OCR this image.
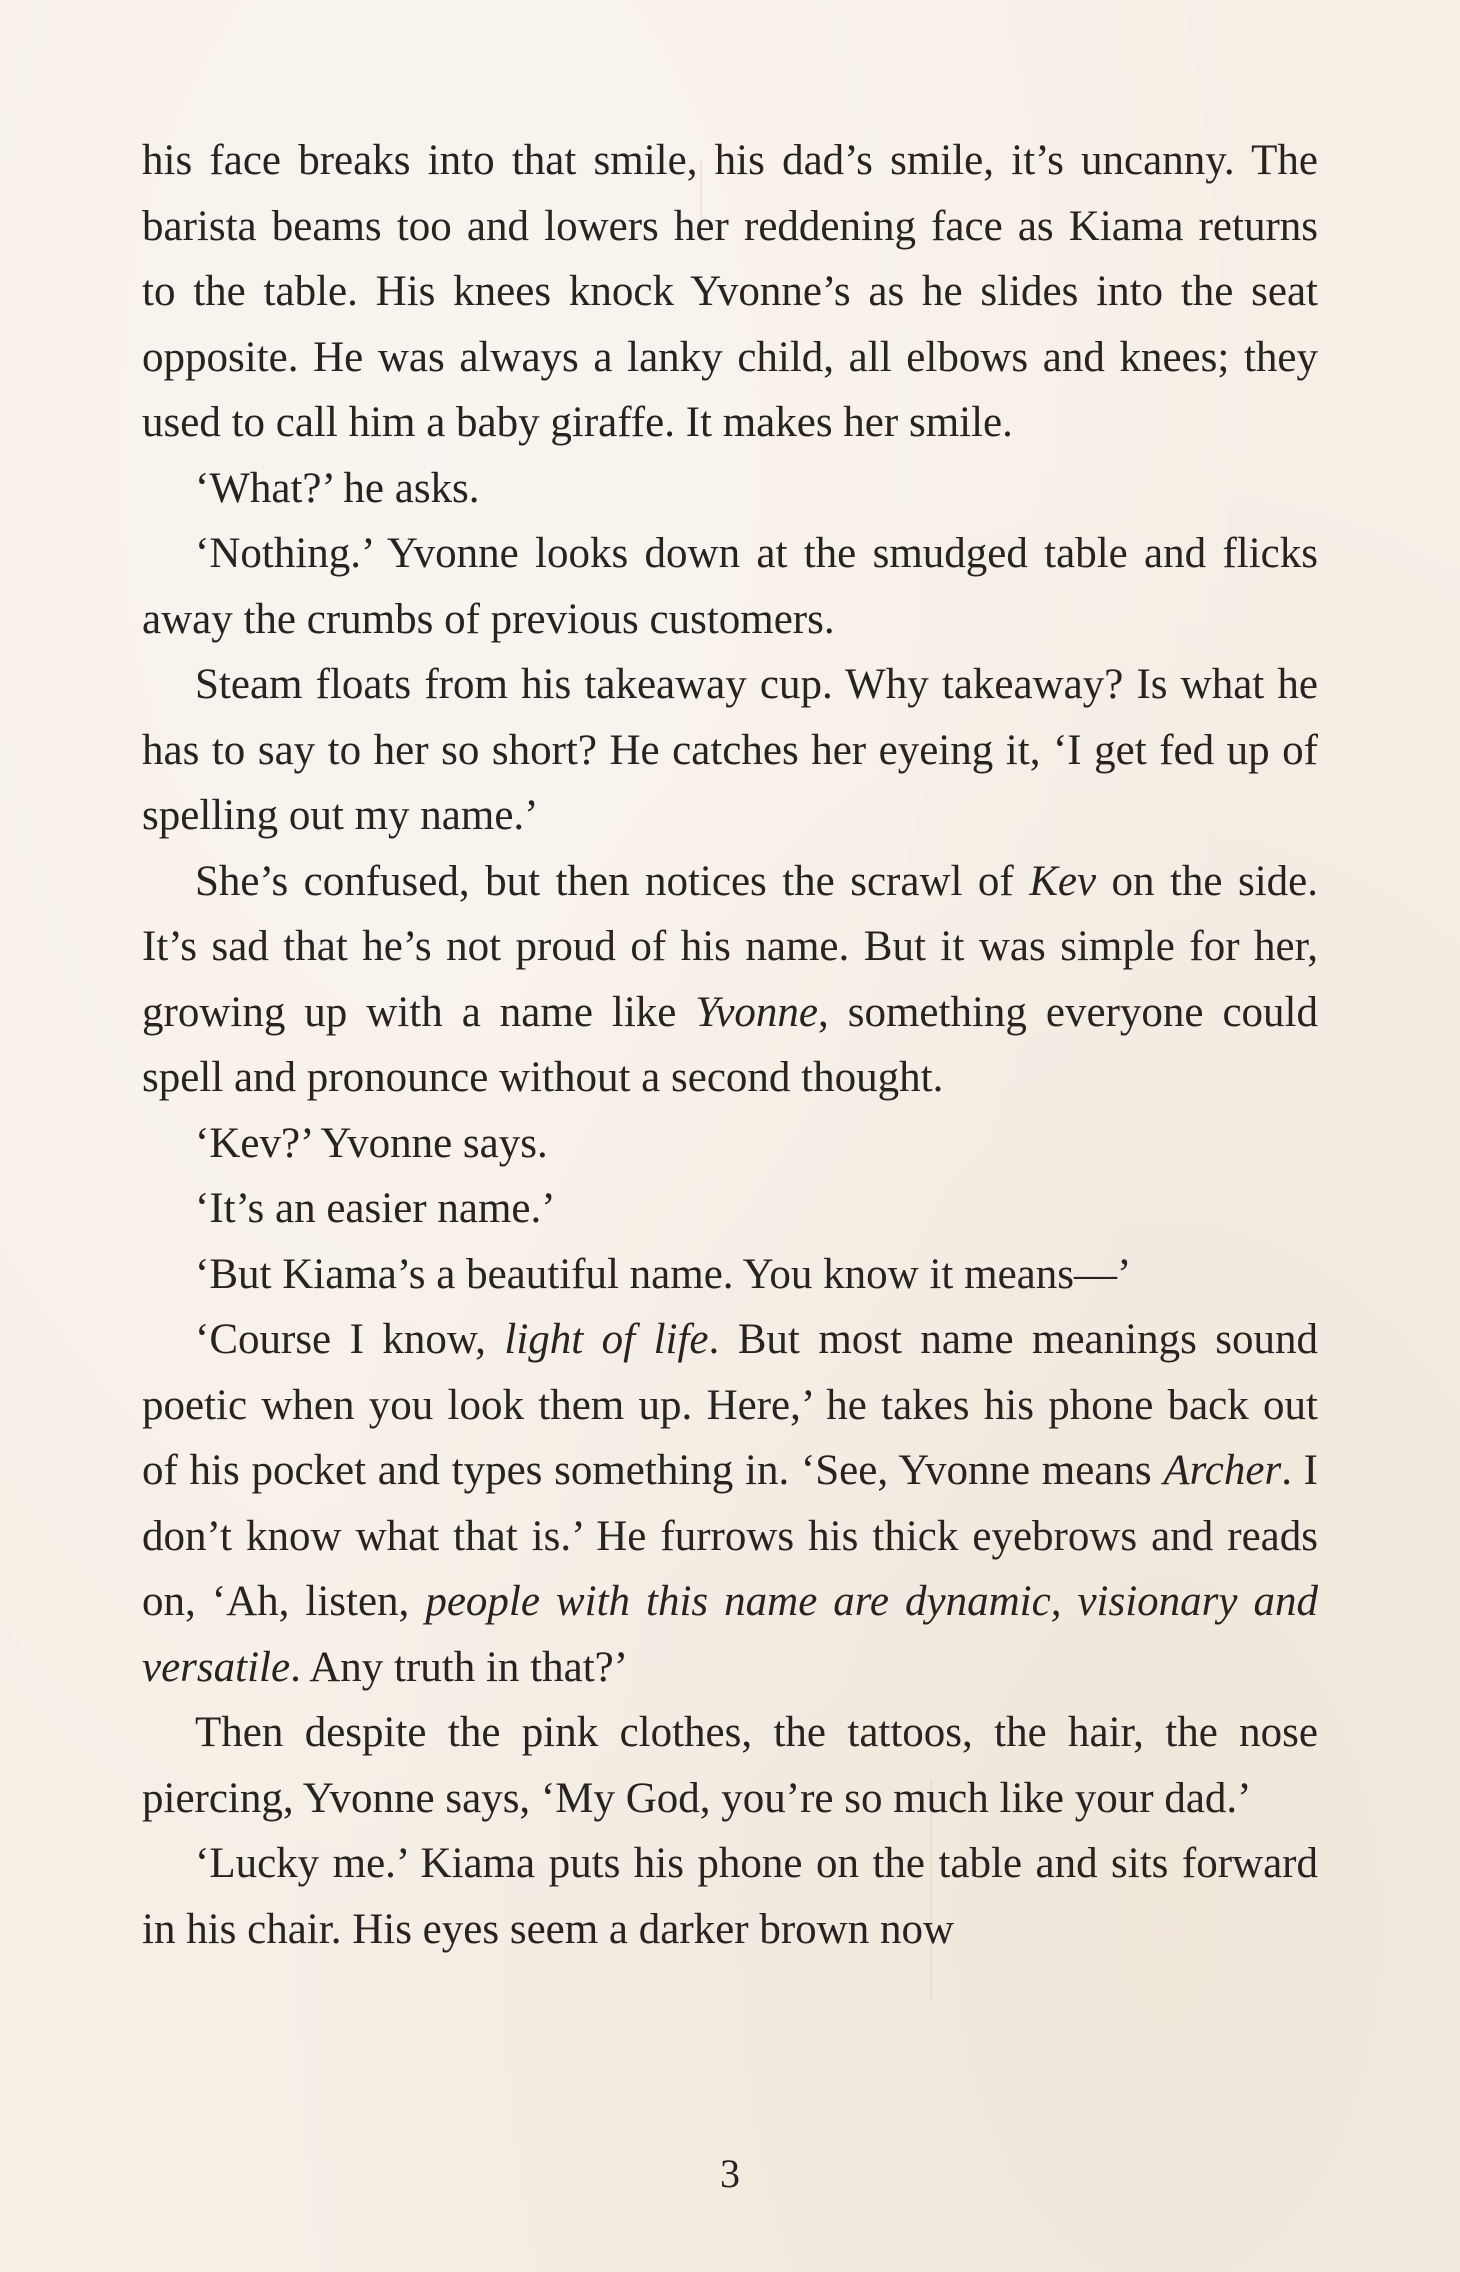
his face breaks into that smile, his dad’s smile, it’s uncanny. The barista beams too and lowers her reddening face as Kiama returns to the table. His knees knock Yvonne’s as he slides into the seat opposite. He was always a lanky child, all elbows and knees; they used to call him a baby giraffe. It makes her smile.

‘What?’ he asks.

‘Nothing.’ Yvonne looks down at the smudged table and flicks away the crumbs of previous customers.

Steam floats from his takeaway cup. Why takeaway? Is what he has to say to her so short? He catches her eyeing it, ‘I get fed up of spelling out my name.’

She’s confused, but then notices the scrawl of Kev on the side. It’s sad that he’s not proud of his name. But it was simple for her, growing up with a name like Yvonne, something everyone could spell and pronounce without a second thought.

‘Kev?’ Yvonne says.

‘It’s an easier name.’

‘But Kiama’s a beautiful name. You know it means—’

‘Course I know, light of life. But most name meanings sound poetic when you look them up. Here,’ he takes his phone back out of his pocket and types something in. ‘See, Yvonne means Archer. I don’t know what that is.’ He furrows his thick eyebrows and reads on, ‘Ah, listen, people with this name are dynamic, visionary and versatile. Any truth in that?’

Then despite the pink clothes, the tattoos, the hair, the nose piercing, Yvonne says, ‘My God, you’re so much like your dad.’

‘Lucky me.’ Kiama puts his phone on the table and sits forward in his chair. His eyes seem a darker brown now

3
